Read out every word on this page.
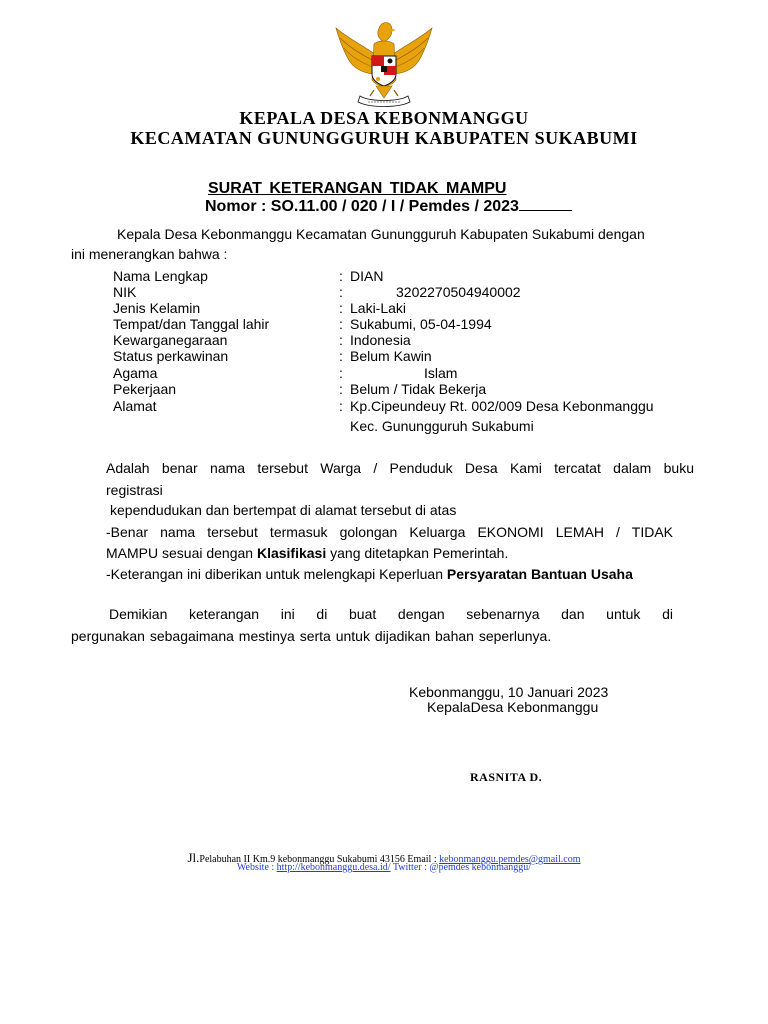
KEPALA DESA KEBONMANGGU
KECAMATAN GUNUNGGURUH KABUPATEN SUKABUMI
SURAT KETERANGAN TIDAK MAMPU
Nomor : SO.11.00 / 020 / I / Pemdes / 2023
Kepala Desa Kebonmanggu Kecamatan Gunungguruh Kabupaten Sukabumi dengan
ini menerangkan bahwa :
Nama Lengkap	: DIAN
NIK	:	3202270504940002
Jenis Kelamin	: Laki-Laki
Tempat/dan Tanggal lahir	: Sukabumi, 05-04-1994
Kewarganegaraan	: Indonesia
Status perkawinan	: Belum Kawin
Agama	:	Islam
Pekerjaan	: Belum / Tidak Bekerja
Alamat	: Kp.Cipeundeuy Rt. 002/009 Desa Kebonmanggu
Kec. Gunungguruh Sukabumi
Adalah benar nama tersebut Warga / Penduduk Desa Kami tercatat dalam buku
registrasi
kependudukan dan bertempat di alamat tersebut di atas
-Benar nama tersebut termasuk golongan Keluarga EKONOMI LEMAH / TIDAK
MAMPU sesuai dengan Klasifikasi yang ditetapkan Pemerintah.
-Keterangan ini diberikan untuk melengkapi Keperluan Persyaratan Bantuan Usaha
Demikian keterangan ini di buat dengan sebenarnya dan untuk di
pergunakan sebagaimana mestinya serta untuk dijadikan bahan seperlunya.
Kebonmanggu, 10 Januari 2023
KepalaDesa Kebonmanggu
RASNITA D.
Jl.Pelabuhan II Km.9 kebonmanggu Sukabumi 43156 Email : kebonmanggu.pemdes@gmail.com
Website : http://kebonmanggu.desa.id/ Twitter : @pemdes kebonmanggu/
